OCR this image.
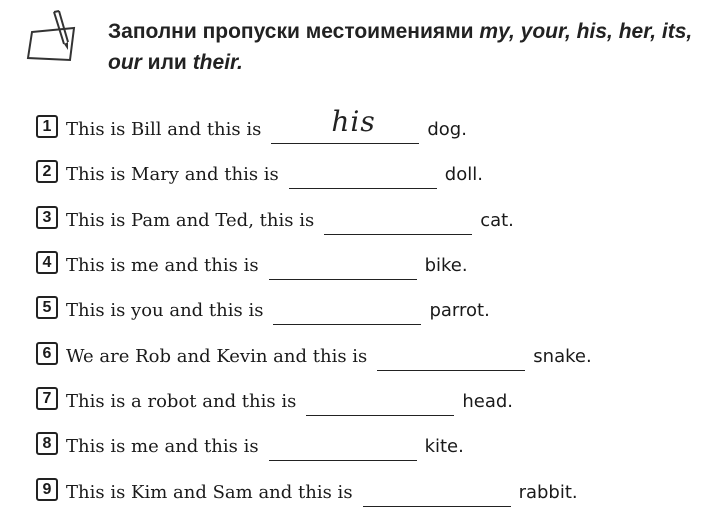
Заполни пропуски местоимениями my, your, his, her, its, our или their.
1 This is Bill and this is	his	dog.
2 This is Mary and this is	doll.
3 This is Pam and Ted, this is	cat.
4 This is me and this is	bike.
5 This is you and this is	parrot.
6 We are Rob and Kevin and this is	snake.
7 This is a robot and this is	head.
8 This is me and this is	kite.
9 This is Kim and Sam and this is	rabbit.
